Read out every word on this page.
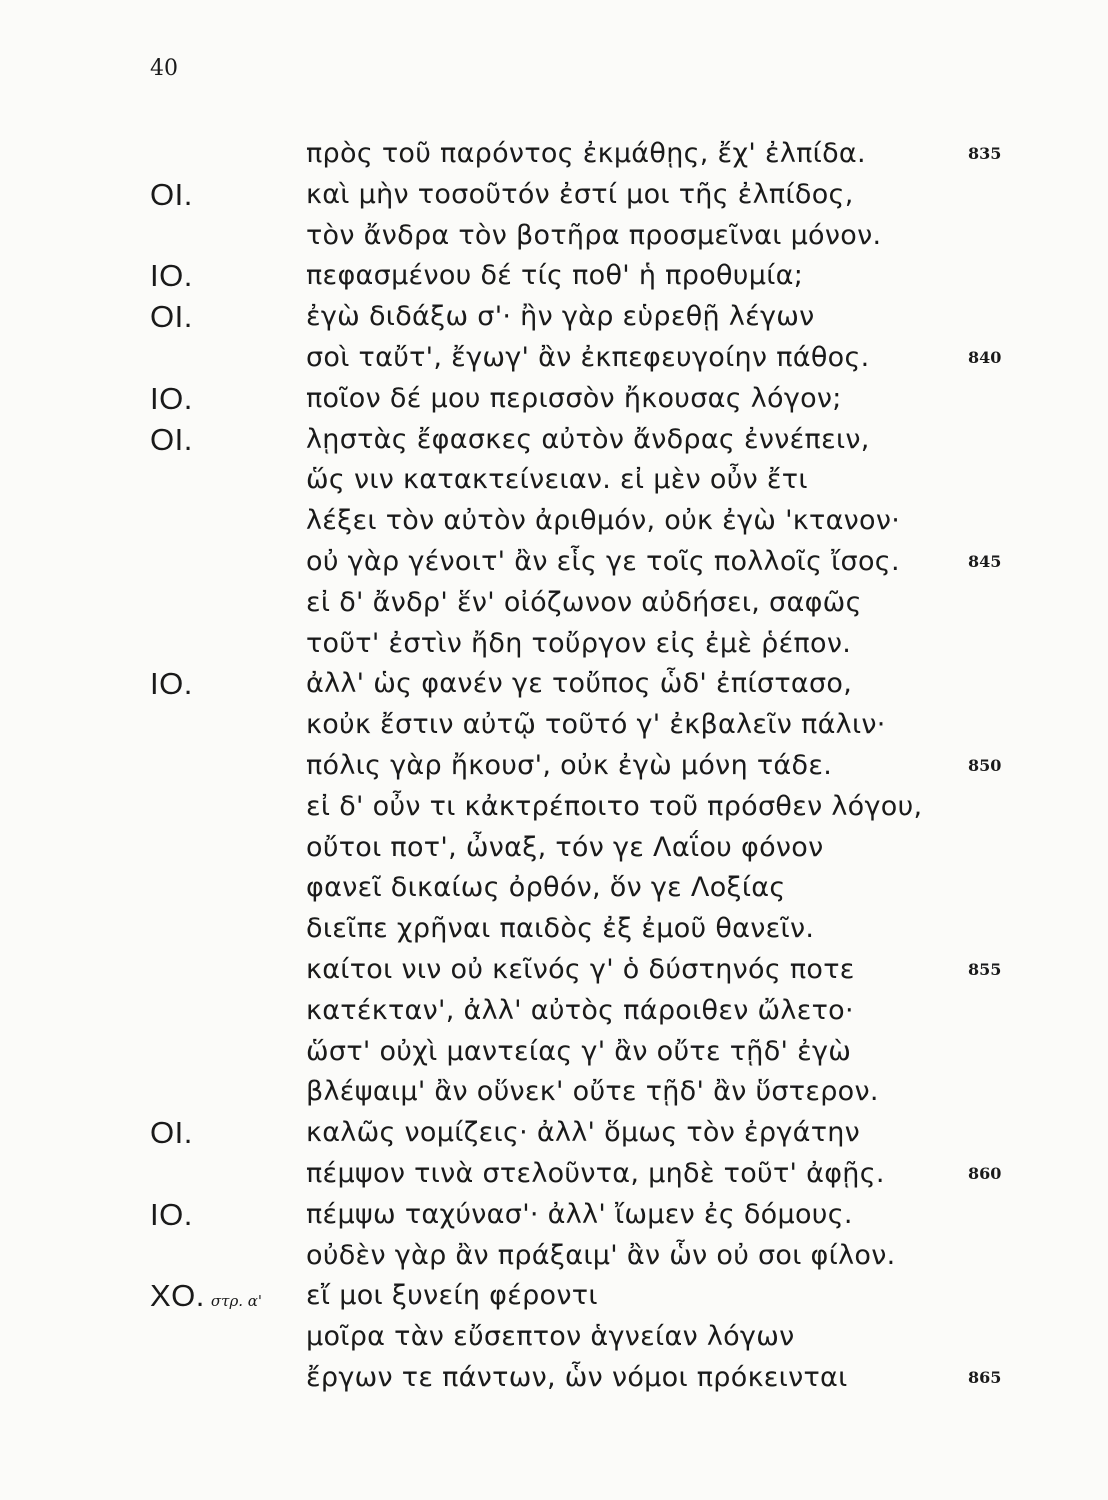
40
πρὸς τοῦ παρόντος ἐκμάθῃς, ἔχ' ἐλπίδα.	835
ΟΙ.	καὶ μὴν τοσοῦτόν ἐστί μοι τῆς ἐλπίδος,
τὸν ἄνδρα τὸν βοτῆρα προσμεῖναι μόνον.
ΙΟ.	πεφασμένου δέ τίς ποθ' ἡ προθυμία;
ΟΙ.	ἐγὼ διδάξω σ'· ἢν γὰρ εὑρεθῇ λέγων
σοὶ ταὔτ', ἔγωγ' ἂν ἐκπεφευγοίην πάθος.	840
ΙΟ.	ποῖον δέ μου περισσὸν ἤκουσας λόγον;
ΟΙ.	λῃστὰς ἔφασκες αὐτὸν ἄνδρας ἐννέπειν,
ὥς νιν κατακτείνειαν. εἰ μὲν οὖν ἔτι
λέξει τὸν αὐτὸν ἀριθμόν, οὐκ ἐγὼ 'κτανον·
οὐ γὰρ γένοιτ' ἂν εἷς γε τοῖς πολλοῖς ἴσος.	845
εἰ δ' ἄνδρ' ἕν' οἰόζωνον αὐδήσει, σαφῶς
τοῦτ' ἐστὶν ἤδη τοὔργον εἰς ἐμὲ ῥέπον.
ΙΟ.	ἀλλ' ὡς φανέν γε τοὔπος ὧδ' ἐπίστασο,
κοὐκ ἔστιν αὐτῷ τοῦτό γ' ἐκβαλεῖν πάλιν·
πόλις γὰρ ἤκουσ', οὐκ ἐγὼ μόνη τάδε.	850
εἰ δ' οὖν τι κἀκτρέποιτο τοῦ πρόσθεν λόγου,
οὔτοι ποτ', ὦναξ, τόν γε Λαΐου φόνον
φανεῖ δικαίως ὀρθόν, ὅν γε Λοξίας
διεῖπε χρῆναι παιδὸς ἐξ ἐμοῦ θανεῖν.
καίτοι νιν οὐ κεῖνός γ' ὁ δύστηνός ποτε	855
κατέκταν', ἀλλ' αὐτὸς πάροιθεν ὤλετο·
ὥστ' οὐχὶ μαντείας γ' ἂν οὔτε τῇδ' ἐγὼ
βλέψαιμ' ἂν οὕνεκ' οὔτε τῇδ' ἂν ὕστερον.
ΟΙ.	καλῶς νομίζεις· ἀλλ' ὅμως τὸν ἐργάτην
πέμψον τινὰ στελοῦντα, μηδὲ τοῦτ' ἀφῇς.	860
ΙΟ.	πέμψω ταχύνασ'· ἀλλ' ἴωμεν ἐς δόμους.
οὐδὲν γὰρ ἂν πράξαιμ' ἂν ὧν οὐ σοι φίλον.
ΧΟ. στρ. α' εἴ μοι ξυνείη φέροντι
μοῖρα τὰν εὔσεπτον ἁγνείαν λόγων
ἔργων τε πάντων, ὧν νόμοι πρόκεινται	865
